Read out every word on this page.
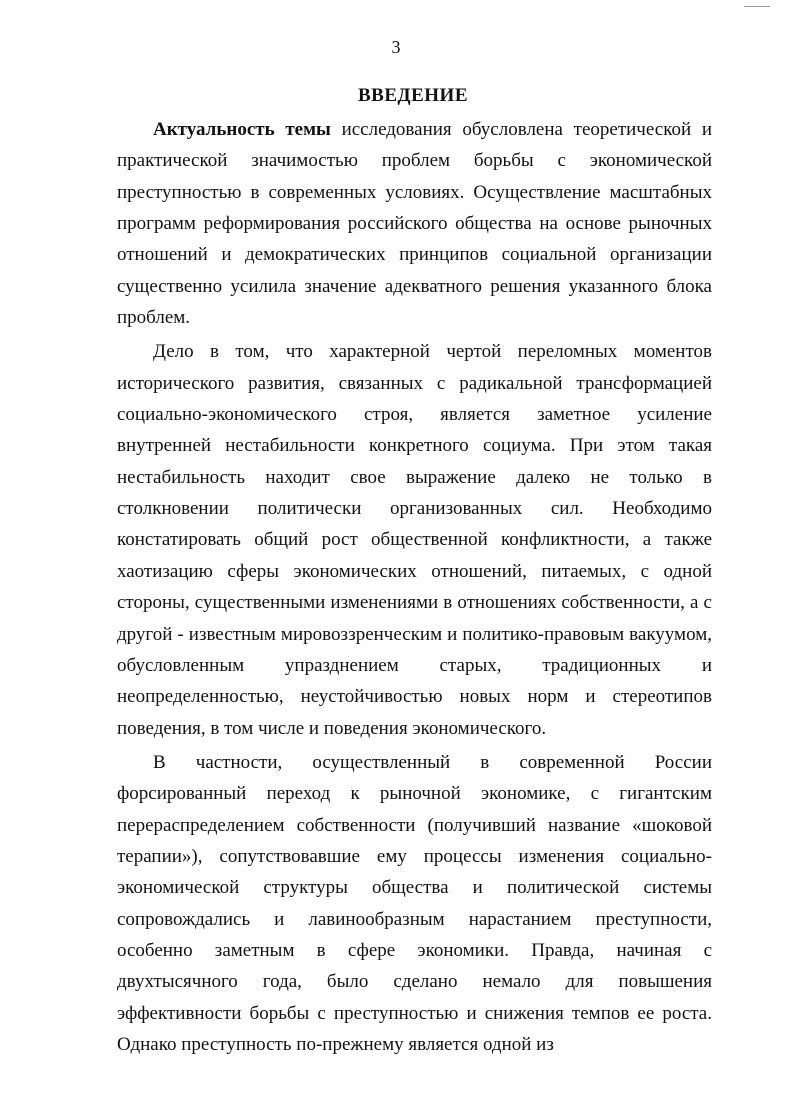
3
ВВЕДЕНИЕ

Актуальность темы исследования обусловлена теоретической и практической значимостью проблем борьбы с экономической преступностью в современных условиях. Осуществление масштабных программ реформирования российского общества на основе рыночных отношений и демократических принципов социальной организации существенно усилила значение адекватного решения указанного блока проблем.

Дело в том, что характерной чертой переломных моментов исторического развития, связанных с радикальной трансформацией социально-экономического строя, является заметное усиление внутренней нестабильности конкретного социума. При этом такая нестабильность находит свое выражение далеко не только в столкновении политически организованных сил. Необходимо констатировать общий рост общественной конфликтности, а также хаотизацию сферы экономических отношений, питаемых, с одной стороны, существенными изменениями в отношениях собственности, а с другой - известным мировоззренческим и политико-правовым вакуумом, обусловленным упразднением старых, традиционных и неопределенностью, неустойчивостью новых норм и стереотипов поведения, в том числе и поведения экономического.

В частности, осуществленный в современной России форсированный переход к рыночной экономике, с гигантским перераспределением собственности (получивший название «шоковой терапии»), сопутствовавшие ему процессы изменения социально-экономической структуры общества и политической системы сопровождались и лавинообразным нарастанием преступности, особенно заметным в сфере экономики. Правда, начиная с двухтысячного года, было сделано немало для повышения эффективности борьбы с преступностью и снижения темпов ее роста. Однако преступность по-прежнему является одной из
